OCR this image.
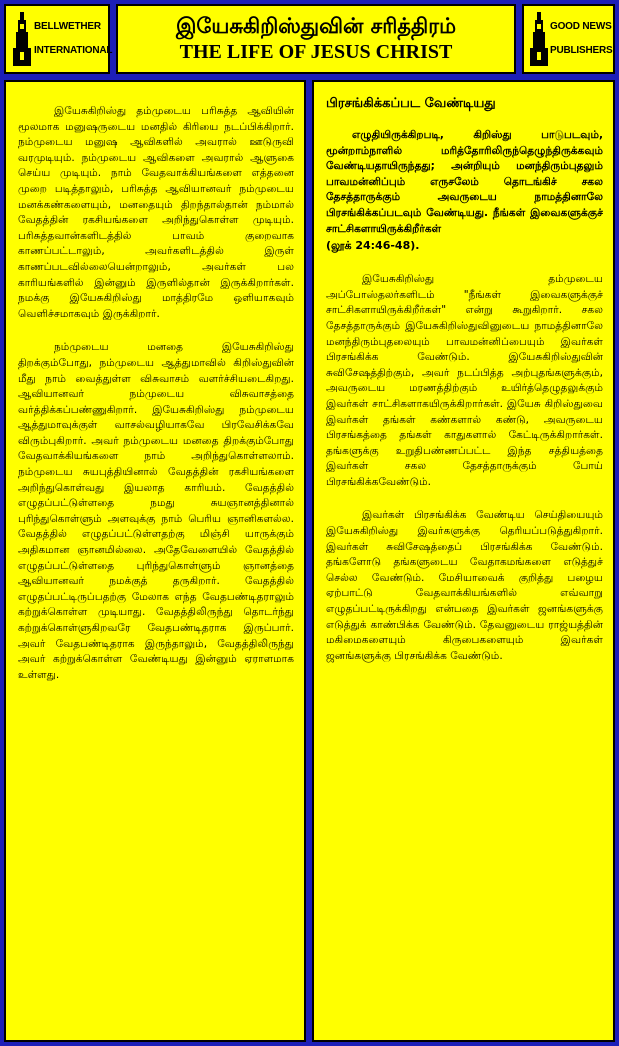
BELLWETHER
INTERNATIONAL
இயேசுகிறிஸ்துவின் சரித்திரம்
THE LIFE OF JESUS CHRIST
GOOD NEWS
PUBLISHERS

இயேசுகிறிஸ்து தம்முடைய பரிசுத்த ஆவியின் மூலமாக மனுஷருடைய மனதில் கிரியை நடப்பிக்கிறார். நம்முடைய மனுஷ ஆவிகளில் அவரால் ஊடுருவி வரமுடியும். நம்முடைய ஆவிகளை அவரால் ஆளுகை செய்ய முடியும். நாம் வேதவாக்கியங்களை எத்தனை முறை படித்தாலும், பரிசுத்த ஆவியானவர் நம்முடைய மனக்கண்களையும், மனதையும் திறந்தால்தான் நம்மால் வேதத்தின் ரகசியங்களை அறிந்துகொள்ள முடியும். பரிசுத்தவான்களிடத்தில் பாவம் குறைவாக காணப்பட்டாலும், அவர்களிடத்தில் இருள் காணப்படவில்லையென்றாலும், அவர்கள் பல காரியங்களில் இன்னும் இருளில்தான் இருக்கிறார்கள். நமக்கு இயேசுகிறிஸ்து மாத்திரமே ஒளியாகவும் வெளிச்சமாகவும் இருக்கிறார்.

நம்முடைய மனதை இயேசுகிறிஸ்து திறக்கும்போது, நம்முடைய ஆத்துமாவில் கிறிஸ்துவின் மீது நாம் வைத்துள்ள விசுவாசம் வளர்ச்சியடைகிறது. ஆவியானவர் நம்முடைய விசுவாசத்தை வர்த்திக்கப்பண்ணுகிறார். இயேசுகிறிஸ்து நம்முடைய ஆத்துமாவுக்குள் வாசல்வழியாகவே பிரவேசிக்கவே விரும்புகிறார். அவர் நம்முடைய மனதை திறக்கும்போது வேதவாக்கியங்களை நாம் அறிந்துகொள்ளலாம். நம்முடைய சுயபுத்தியினால் வேதத்தின் ரகசியங்களை அறிந்துகொள்வது இயலாத காரியம். வேதத்தில் எழுதப்பட்டுள்ளதை நமது சுயஞானத்தினால் புரிந்துகொள்ளும் அளவுக்கு நாம் பெரிய ஞானிகளல்ல. வேதத்தில் எழுதப்பட்டுள்ளதற்கு மிஞ்சி யாருக்கும் அதிகமான ஞானமில்லை. அதேவேளையில் வேதத்தில் எழுதப்பட்டுள்ளதை புரிந்துகொள்ளும் ஞானத்தை ஆவியானவர் நமக்குத் தருகிறார். வேதத்தில் எழுதப்பட்டிருப்பதற்கு மேலாக எந்த வேதபண்டிதராலும் கற்றுக்கொள்ள முடியாது. வேதத்திலிருந்து தொடர்ந்து கற்றுக்கொள்ளுகிறவரே வேதபண்டிதராக இருப்பார். அவர் வேதபண்டிதராக இருந்தாலும், வேதத்திலிருந்து அவர் கற்றுக்கொள்ள வேண்டியது இன்னும் ஏராளமாக உள்ளது.

பிரசங்கிக்கப்பட வேண்டியது

எழுதியிருக்கிறபடி, கிறிஸ்து பாடுபடவும், மூன்றாம்நாளில் மரித்தோரிலிருந்தெழுந்திருக்கவும் வேண்டியதாயிருந்தது; அன்றியும் மனந்திரும்புதலும் பாவமன்னிப்பும் எருசலேம் தொடங்கிச் சகல தேசத்தாருக்கும் அவருடைய நாமத்தினாலே பிரசங்கிக்கப்படவும் வேண்டியது. நீங்கள் இவைகளுக்குச் சாட்சிகளாயிருக்கிறீர்கள்

(லூக் 24:46-48).

இயேசுகிறிஸ்து தம்முடைய அப்போஸ்தலர்களிடம் "நீங்கள் இவைகளுக்குச் சாட்சிகளாயிருக்கிறீர்கள்" என்று கூறுகிறார். சகல தேசத்தாருக்கும் இயேசுகிறிஸ்துவினுடைய நாமத்தினாலே மனந்திரும்புதலையும் பாவமன்னிப்பையும் இவர்கள் பிரசங்கிக்க வேண்டும். இயேசுகிறிஸ்துவின் சுவிசேஷத்திற்கும், அவர் நடப்பித்த அற்புதங்களுக்கும், அவருடைய மரணத்திற்கும் உயிர்த்தெழுதலுக்கும் இவர்கள் சாட்சிகளாகயிருக்கிறார்கள். இயேசு கிறிஸ்துவை இவர்கள் தங்கள் கண்களால் கண்டு, அவருடைய பிரசங்கத்தை தங்கள் காதுகளால் கேட்டிருக்கிறார்கள். தங்களுக்கு உறுதிபண்ணப்பட்ட இந்த சத்தியத்தை இவர்கள் சகல தேசத்தாருக்கும் போய் பிரசங்கிக்கவேண்டும்.

இவர்கள் பிரசங்கிக்க வேண்டிய செய்தியையும் இயேசுகிறிஸ்து இவர்களுக்கு தெரியப்படுத்துகிறார். இவர்கள் சுவிசேஷத்தைப் பிரசங்கிக்க வேண்டும். தங்களோடு தங்களுடைய வேதாகமங்களை எடுத்துச் செல்ல வேண்டும். மேசியாவைக் குறித்து பழைய ஏற்பாட்டு வேதவாக்கியங்களில் எவ்வாறு எழுதப்பட்டிருக்கிறது என்பதை இவர்கள் ஜனங்களுக்கு எடுத்துக் காண்பிக்க வேண்டும். தேவனுடைய ராஜ்யத்தின் மகிமைகளையும் கிருபைகளையும் இவர்கள் ஜனங்களுக்கு பிரசங்கிக்க வேண்டும்.
